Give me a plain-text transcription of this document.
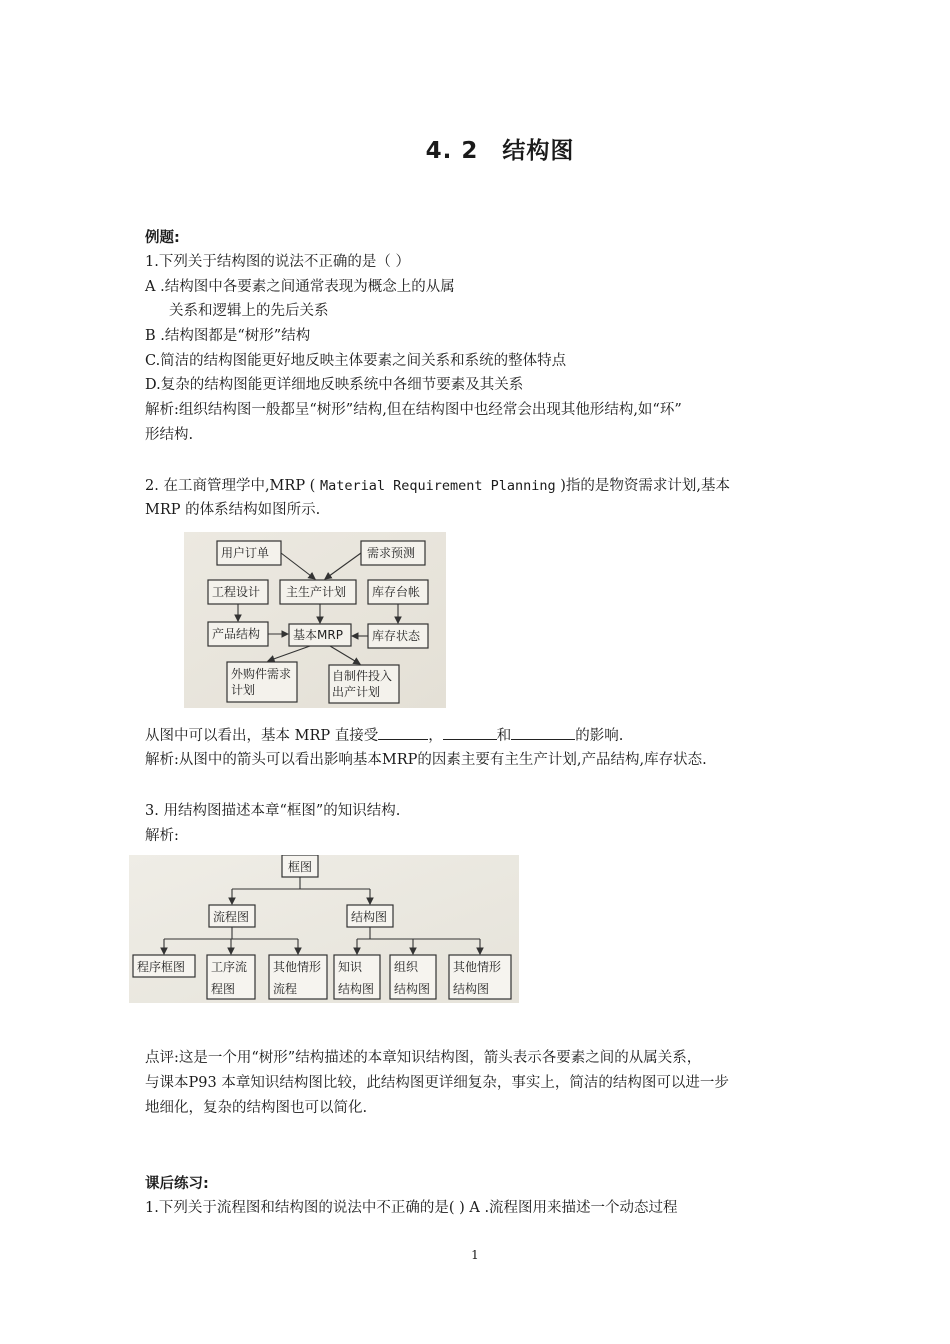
4. 2　结构图
例题:
1.下列关于结构图的说法不正确的是（ ）
A .结构图中各要素之间通常表现为概念上的从属
关系和逻辑上的先后关系
B .结构图都是“树形”结构
C.简洁的结构图能更好地反映主体要素之间关系和系统的整体特点
D.复杂的结构图能更详细地反映系统中各细节要素及其关系
解析:组织结构图一般都呈“树形”结构,但在结构图中也经常会出现其他形结构,如“环”
形结构.
2. 在工商管理学中,MRP ( Material Requirement Planning )指的是物资需求计划,基本
MRP 的体系结构如图所示.
用户订单	需求预测
工程设计 主生产计划 库存台帐
产品结构	基本MRP 库存状态
外购件需求
计划
自制件投入
出产计划
从图中可以看出，基本 MRP 直接受	，	和	的影响.
解析:从图中的箭头可以看出影响基本MRP的因素主要有主生产计划,产品结构,库存状态.
3. 用结构图描述本章“框图”的知识结构.
解析:
框图
流程图	结构图
程序框图 工序流
程图
其他情形
流程
知识
结构图
组织
结构图
其他情形
结构图
点评:这是一个用“树形”结构描述的本章知识结构图，箭头表示各要素之间的从属关系，
与课本P93 本章知识结构图比较，此结构图更详细复杂，事实上，简洁的结构图可以进一步
地细化，复杂的结构图也可以简化.
课后练习:
1.下列关于流程图和结构图的说法中不正确的是( ) A .流程图用来描述一个动态过程
1
